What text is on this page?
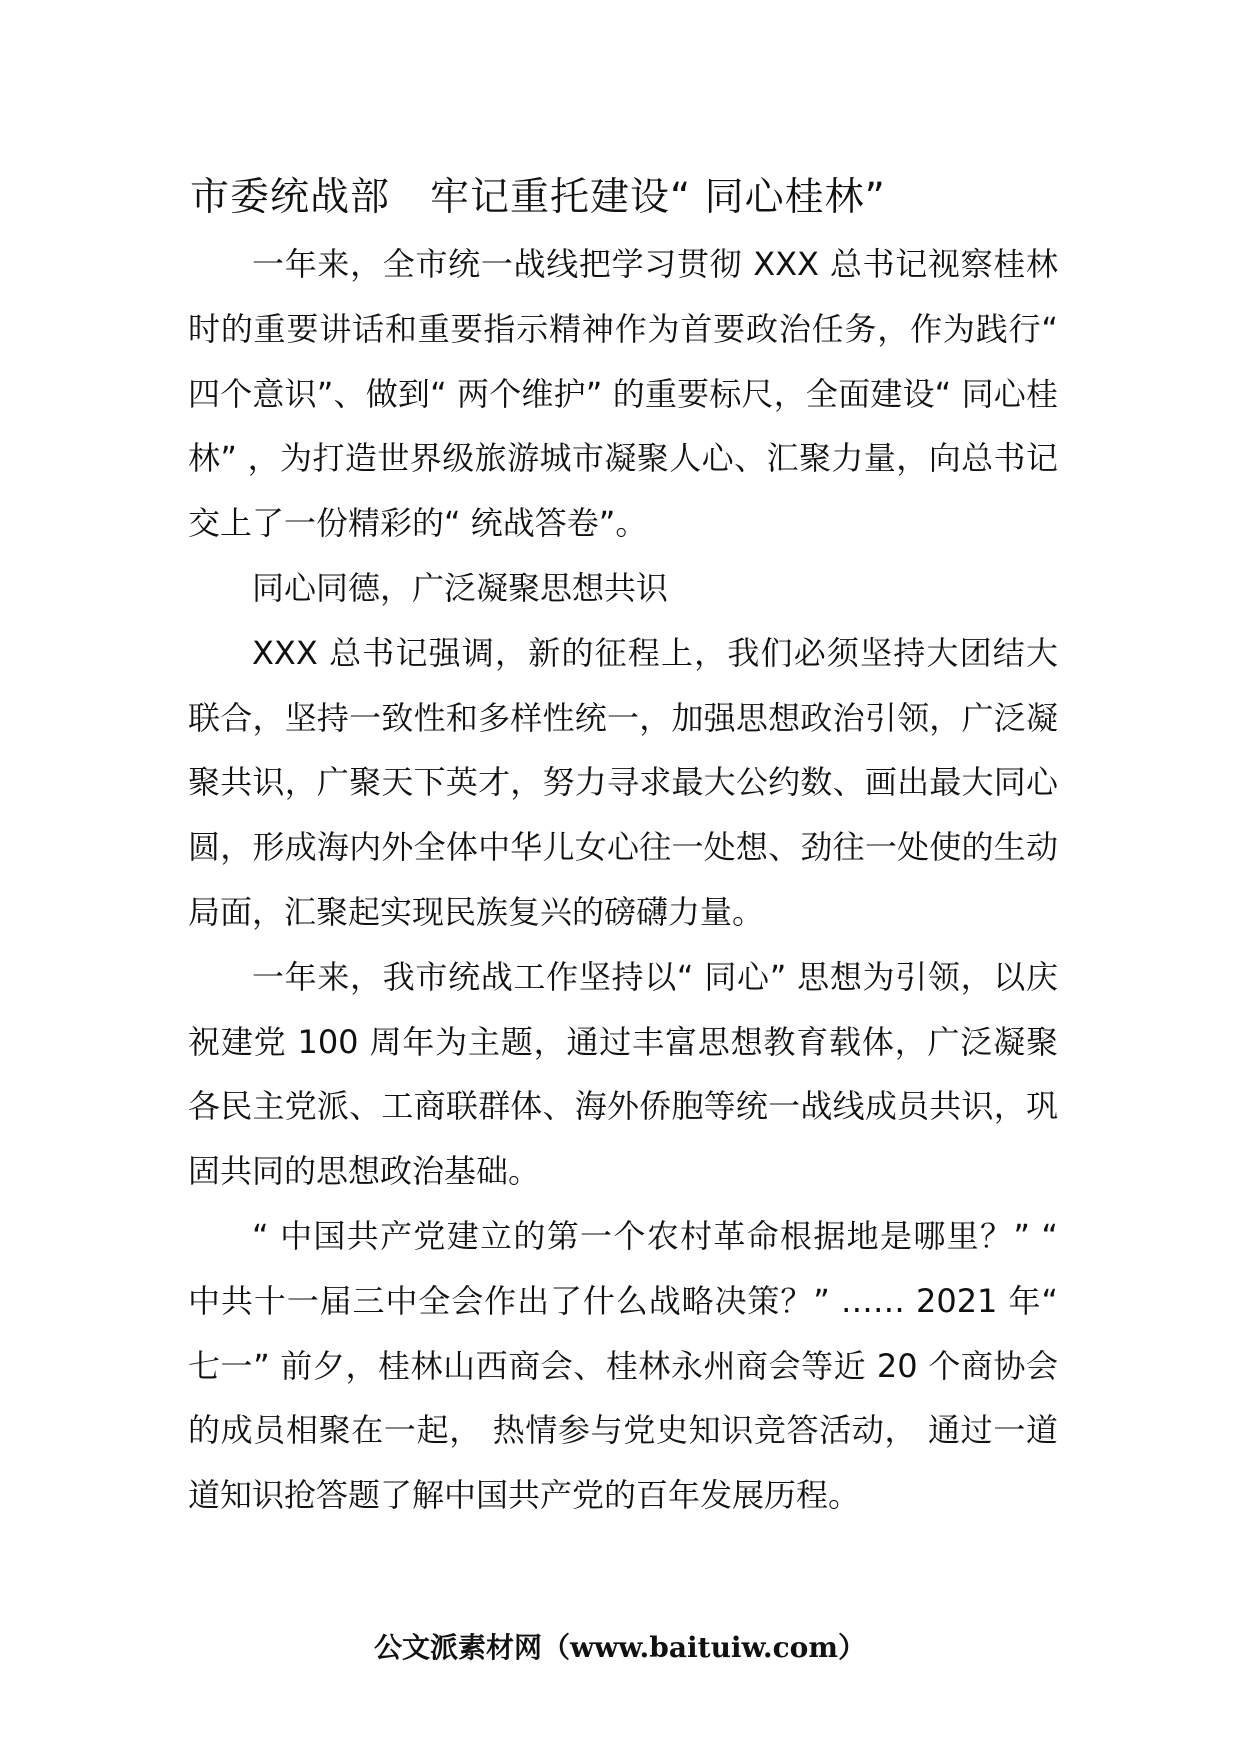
市委统战部　牢记重托建设“ 同心桂林”

一年来，全市统一战线把学习贯彻 XXX 总书记视察桂林时的重要讲话和重要指示精神作为首要政治任务，作为践行“ 四个意识”、做到“ 两个维护” 的重要标尺，全面建设“ 同心桂林” ，为打造世界级旅游城市凝聚人心、汇聚力量，向总书记交上了一份精彩的“ 统战答卷”。

同心同德，广泛凝聚思想共识

XXX 总书记强调，新的征程上，我们必须坚持大团结大联合，坚持一致性和多样性统一，加强思想政治引领，广泛凝聚共识，广聚天下英才，努力寻求最大公约数、画出最大同心圆，形成海内外全体中华儿女心往一处想、劲往一处使的生动局面，汇聚起实现民族复兴的磅礴力量。

一年来，我市统战工作坚持以“ 同心” 思想为引领，以庆祝建党 100 周年为主题，通过丰富思想教育载体，广泛凝聚各民主党派、工商联群体、海外侨胞等统一战线成员共识，巩固共同的思想政治基础。

“ 中国共产党建立的第一个农村革命根据地是哪里？” “ 中共十一届三中全会作出了什么战略决策？” …… 2021 年“ 七一” 前夕，桂林山西商会、桂林永州商会等近 20 个商协会的成员相聚在一起， 热情参与党史知识竞答活动， 通过一道道知识抢答题了解中国共产党的百年发展历程。

公文派素材网（www.baituiw.com）
